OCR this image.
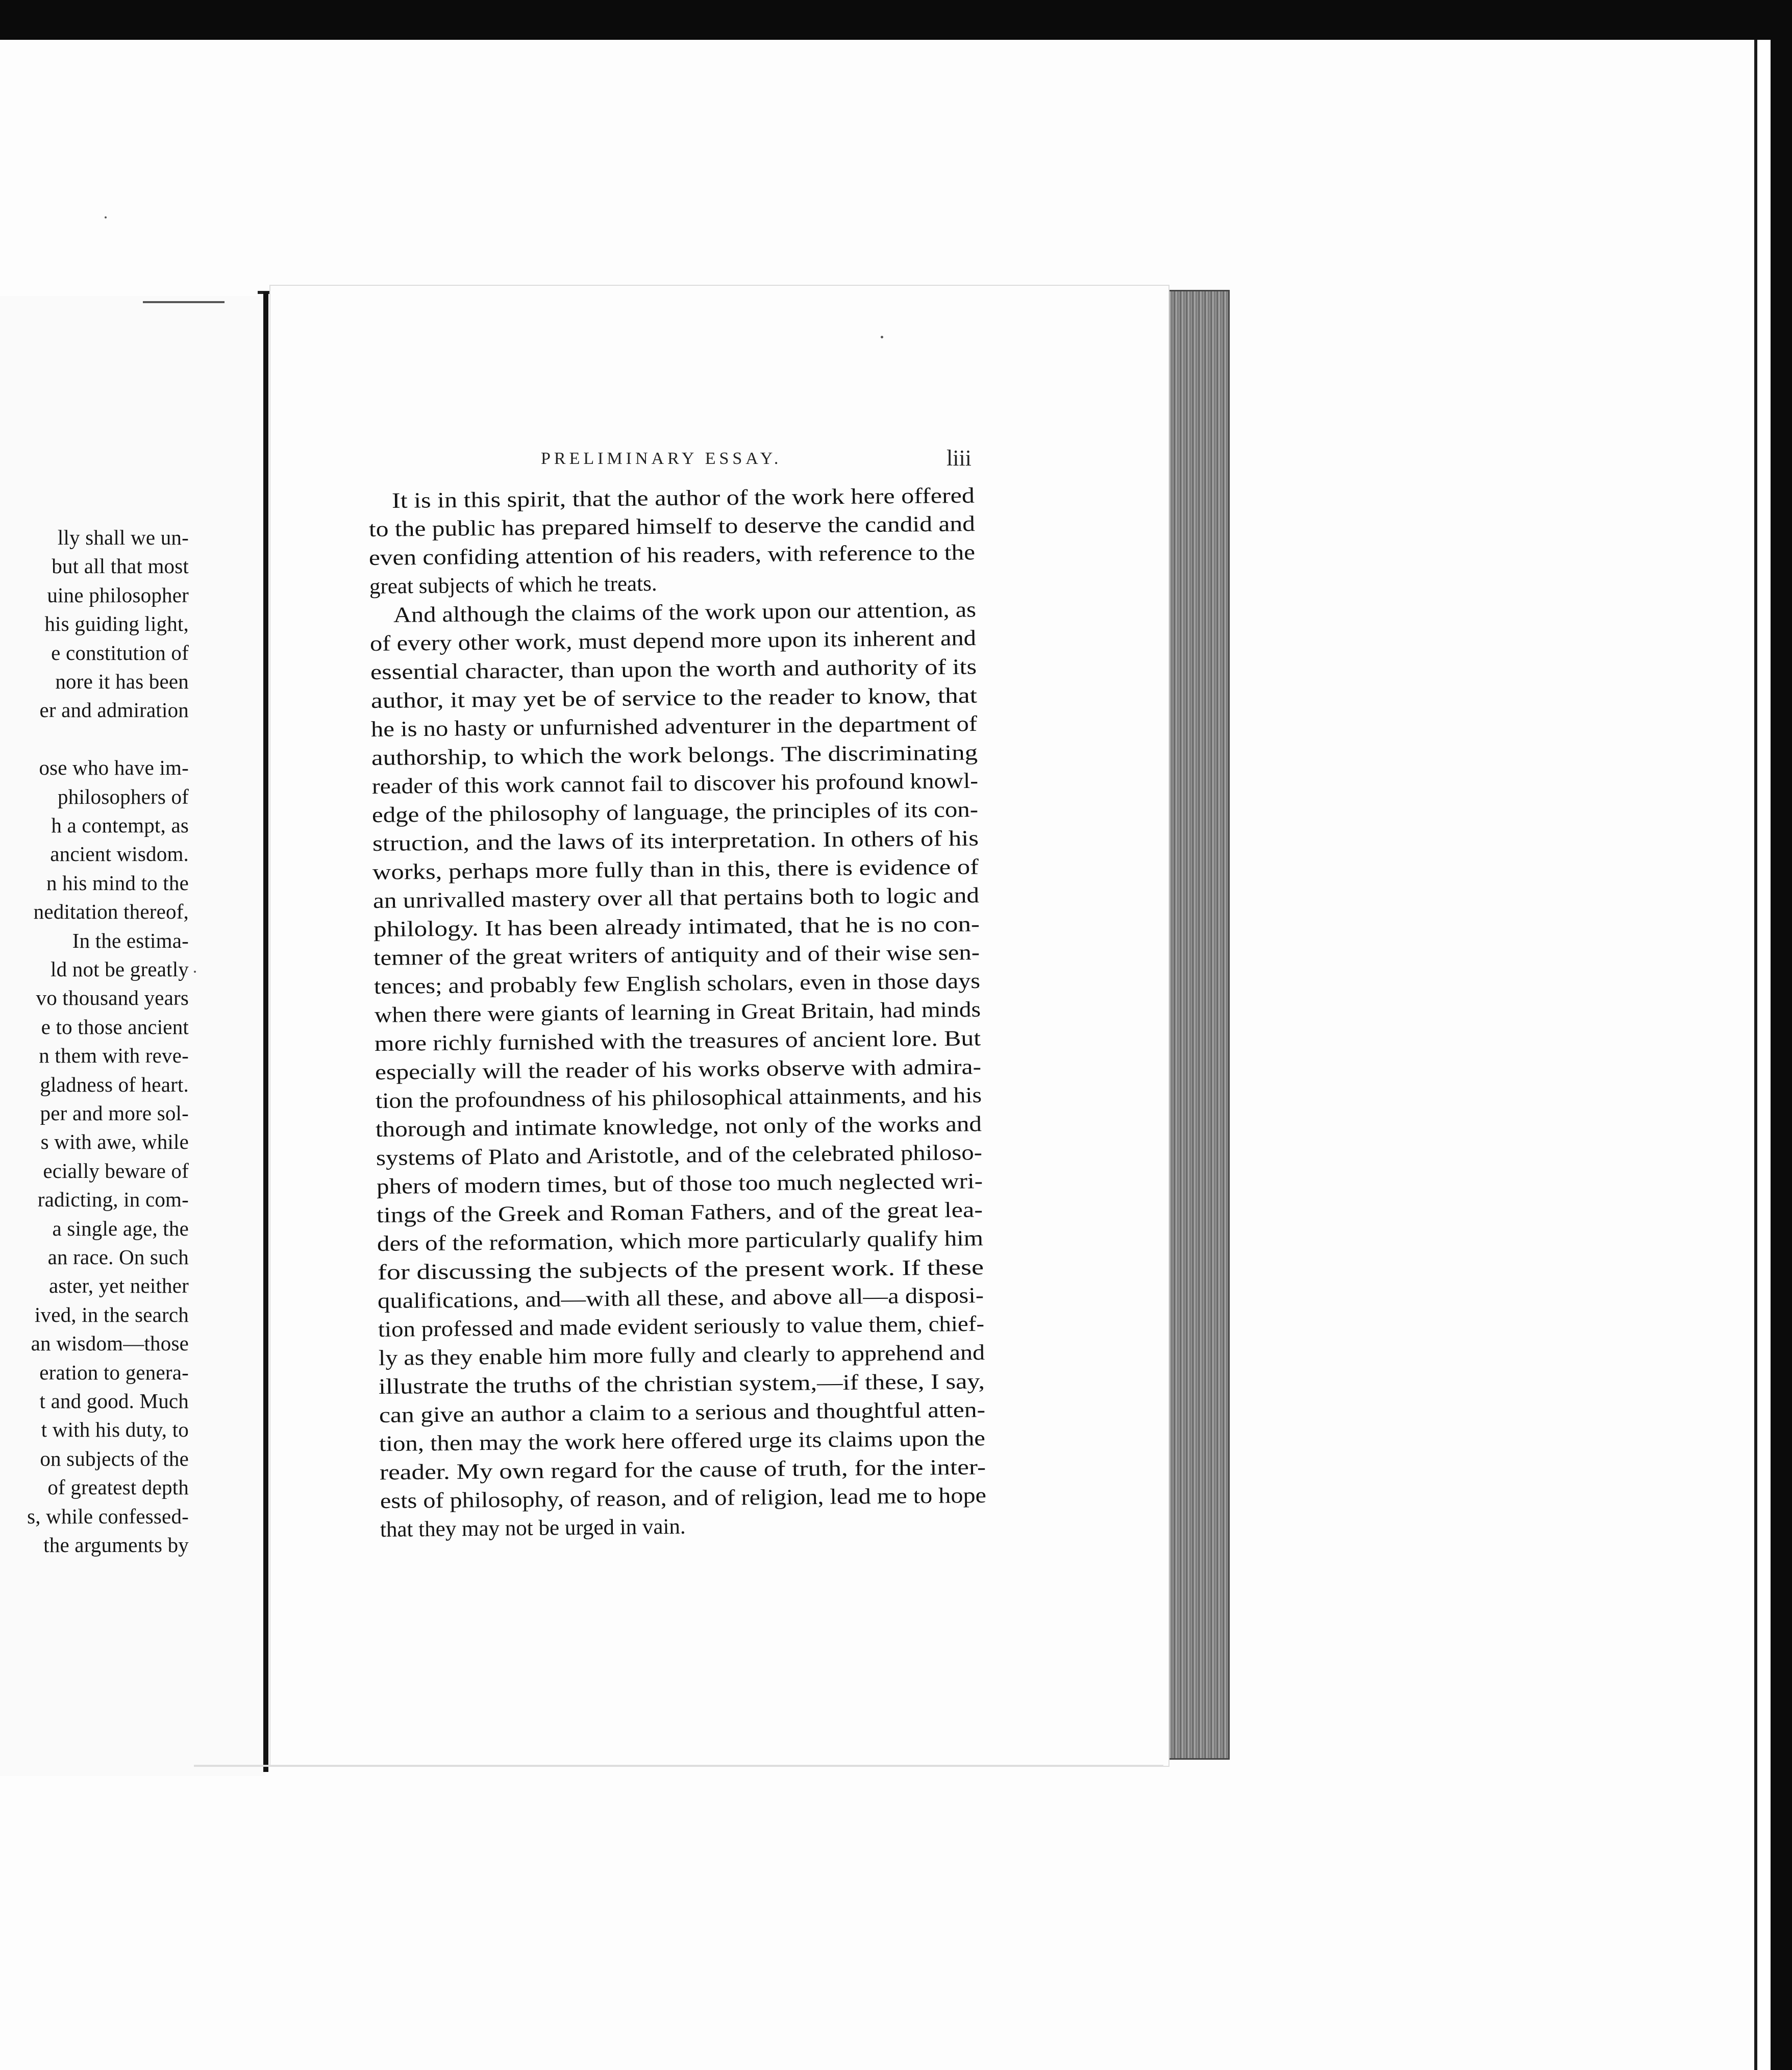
lly shall we un-
but all that most
uine philosopher
his guiding light,
e constitution of
nore it has been
er and admiration
ose who have im-
philosophers of
h a contempt, as
ancient wisdom.
n his mind to the
neditation thereof,
In the estima-
ld not be greatly
vo thousand years
e to those ancient
n them with reve-
gladness of heart.
per and more sol-
s with awe, while
ecially beware of
radicting, in com-
a single age, the
an race. On such
aster, yet neither
ived, in the search
an wisdom—those
eration to genera-
t and good. Much
t with his duty, to
on subjects of the
of greatest depth
s, while confessed-
the arguments by
PRELIMINARY ESSAY.	liii
It is in this spirit, that the author of the work here offered
to the public has prepared himself to deserve the candid and
even confiding attention of his readers, with reference to the
great subjects of which he treats.
And although the claims of the work upon our attention, as
of every other work, must depend more upon its inherent and
essential character, than upon the worth and authority of its
author, it may yet be of service to the reader to know, that
he is no hasty or unfurnished adventurer in the department of
authorship, to which the work belongs. The discriminating
reader of this work cannot fail to discover his profound knowl-
edge of the philosophy of language, the principles of its con-
struction, and the laws of its interpretation. In others of his
works, perhaps more fully than in this, there is evidence of
an unrivalled mastery over all that pertains both to logic and
philology. It has been already intimated, that he is no con-
temner of the great writers of antiquity and of their wise sen-
tences; and probably few English scholars, even in those days
when there were giants of learning in Great Britain, had minds
more richly furnished with the treasures of ancient lore. But
especially will the reader of his works observe with admira-
tion the profoundness of his philosophical attainments, and his
thorough and intimate knowledge, not only of the works and
systems of Plato and Aristotle, and of the celebrated philoso-
phers of modern times, but of those too much neglected wri-
tings of the Greek and Roman Fathers, and of the great lea-
ders of the reformation, which more particularly qualify him
for discussing the subjects of the present work. If these
qualifications, and—with all these, and above all—a disposi-
tion professed and made evident seriously to value them, chief-
ly as they enable him more fully and clearly to apprehend and
illustrate the truths of the christian system,—if these, I say,
can give an author a claim to a serious and thoughtful atten-
tion, then may the work here offered urge its claims upon the
reader. My own regard for the cause of truth, for the inter-
ests of philosophy, of reason, and of religion, lead me to hope
that they may not be urged in vain.
